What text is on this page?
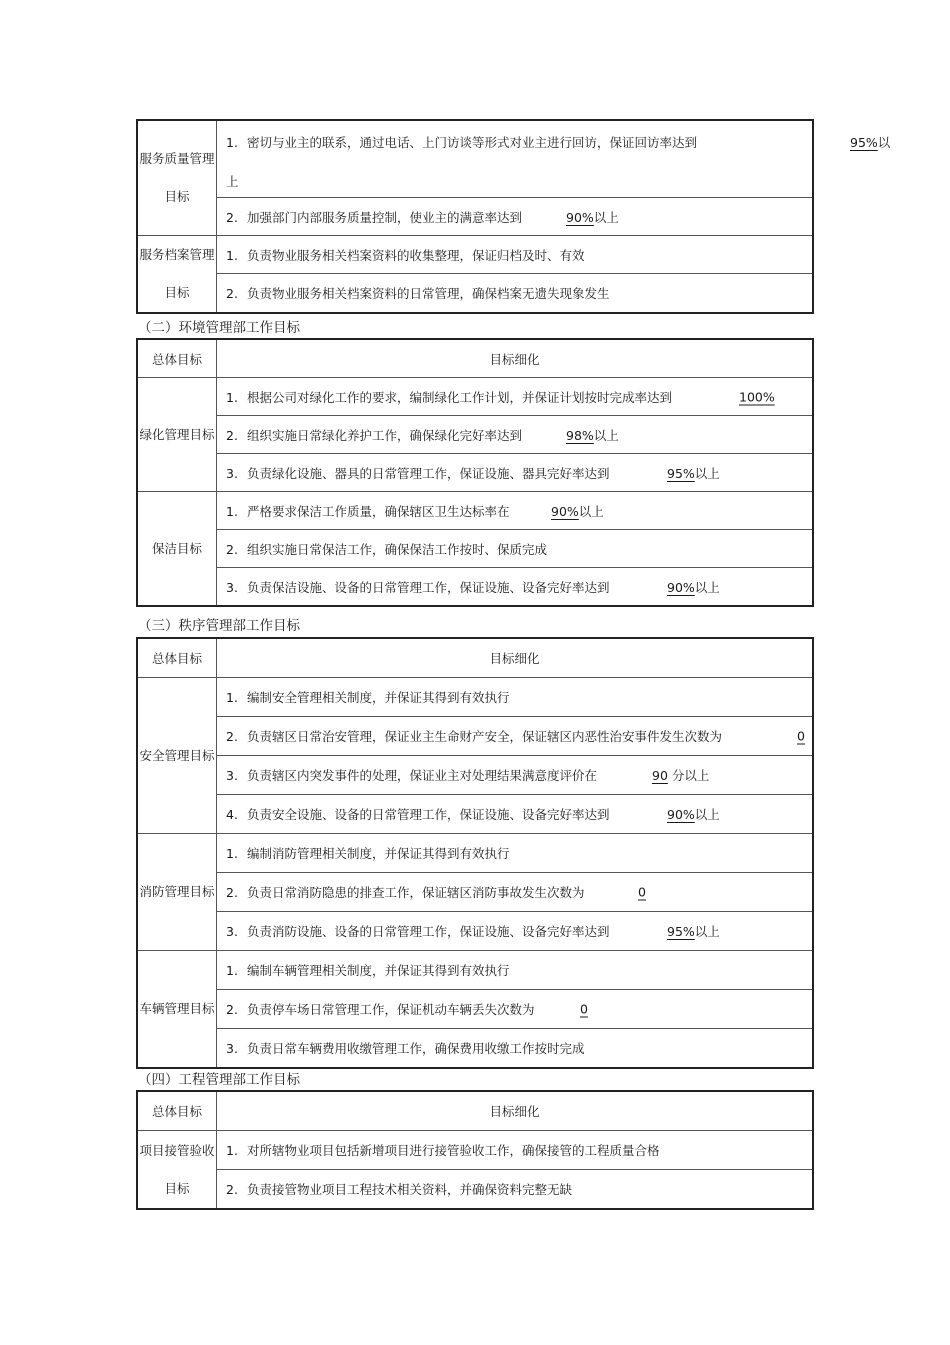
服务质量管理目标	1. 密切与业主的联系，通过电话、上门访谈等形式对业主进行回访，保证回访率达到 95%以
上

	2. 加强部门内部服务质量控制，使业主的满意率达到 90%以上

服务档案管理目标	1. 负责物业服务相关档案资料的收集整理，保证归档及时、有效
	2. 负责物业服务相关档案资料的日常管理，确保档案无遗失现象发生
（二）环境管理部工作目标
总体目标	目标细化
绿化管理目标	1. 根据公司对绿化工作的要求，编制绿化工作计划，并保证计划按时完成率达到 100%

	2. 组织实施日常绿化养护工作，确保绿化完好率达到 98%以上

	3. 负责绿化设施、器具的日常管理工作，保证设施、器具完好率达到 95%以上

保洁目标	1. 严格要求保洁工作质量，确保辖区卫生达标率在 90%以上

	2. 组织实施日常保洁工作，确保保洁工作按时、保质完成
	3. 负责保洁设施、设备的日常管理工作，保证设施、设备完好率达到 90%以上
（三）秩序管理部工作目标
总体目标	目标细化
安全管理目标	1. 编制安全管理相关制度，并保证其得到有效执行
	2. 负责辖区日常治安管理，保证业主生命财产安全，保证辖区内恶性治安事件发生次数为 0

	3. 负责辖区内突发事件的处理，保证业主对处理结果满意度评价在 90 分以上

	4. 负责安全设施、设备的日常管理工作，保证设施、设备完好率达到 90%以上

消防管理目标	1. 编制消防管理相关制度，并保证其得到有效执行
	2. 负责日常消防隐患的排查工作，保证辖区消防事故发生次数为 0

	3. 负责消防设施、设备的日常管理工作，保证设施、设备完好率达到 95%以上

车辆管理目标	1. 编制车辆管理相关制度，并保证其得到有效执行
	2. 负责停车场日常管理工作，保证机动车辆丢失次数为 0

	3. 负责日常车辆费用收缴管理工作，确保费用收缴工作按时完成
（四）工程管理部工作目标
总体目标	目标细化
项目接管验收目标	1. 对所辖物业项目包括新增项目进行接管验收工作，确保接管的工程质量合格
	2. 负责接管物业项目工程技术相关资料，并确保资料完整无缺
